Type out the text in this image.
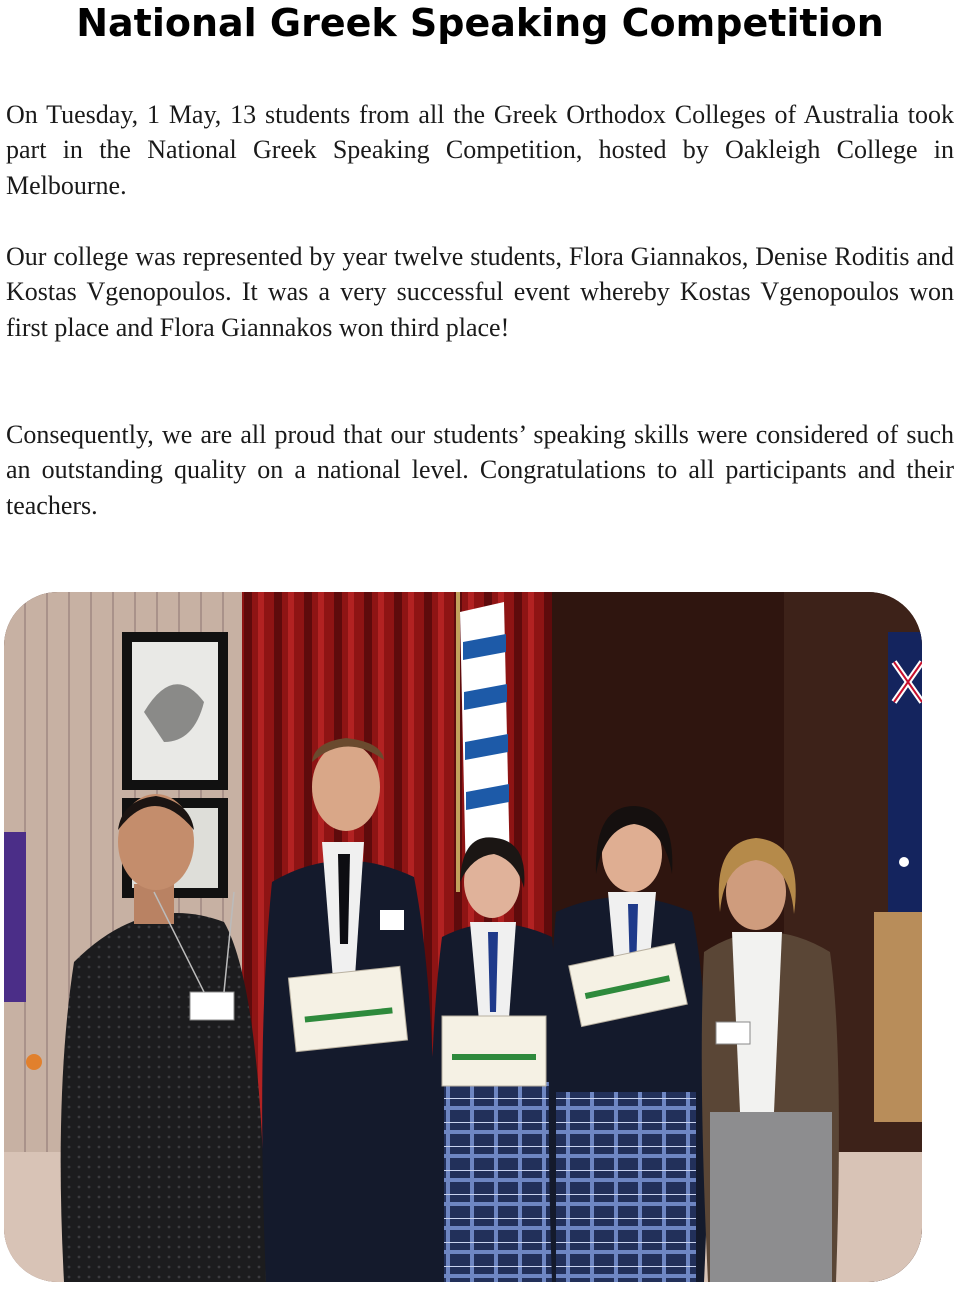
National Greek Speaking Competition

On Tuesday, 1 May, 13 students from all the Greek Orthodox Colleges of Australia took part in the National Greek Speaking Competition, hosted by Oakleigh College in Melbourne.

Our college was represented by year twelve students, Flora Giannakos, Denise Roditis and Kostas Vgenopoulos. It was a very successful event whereby Kostas Vgenopoulos won first place and Flora Giannakos won third place!

Consequently, we are all proud that our students’ speaking skills were considered of such an outstanding quality on a national level. Congratulations to all participants and their teachers.
